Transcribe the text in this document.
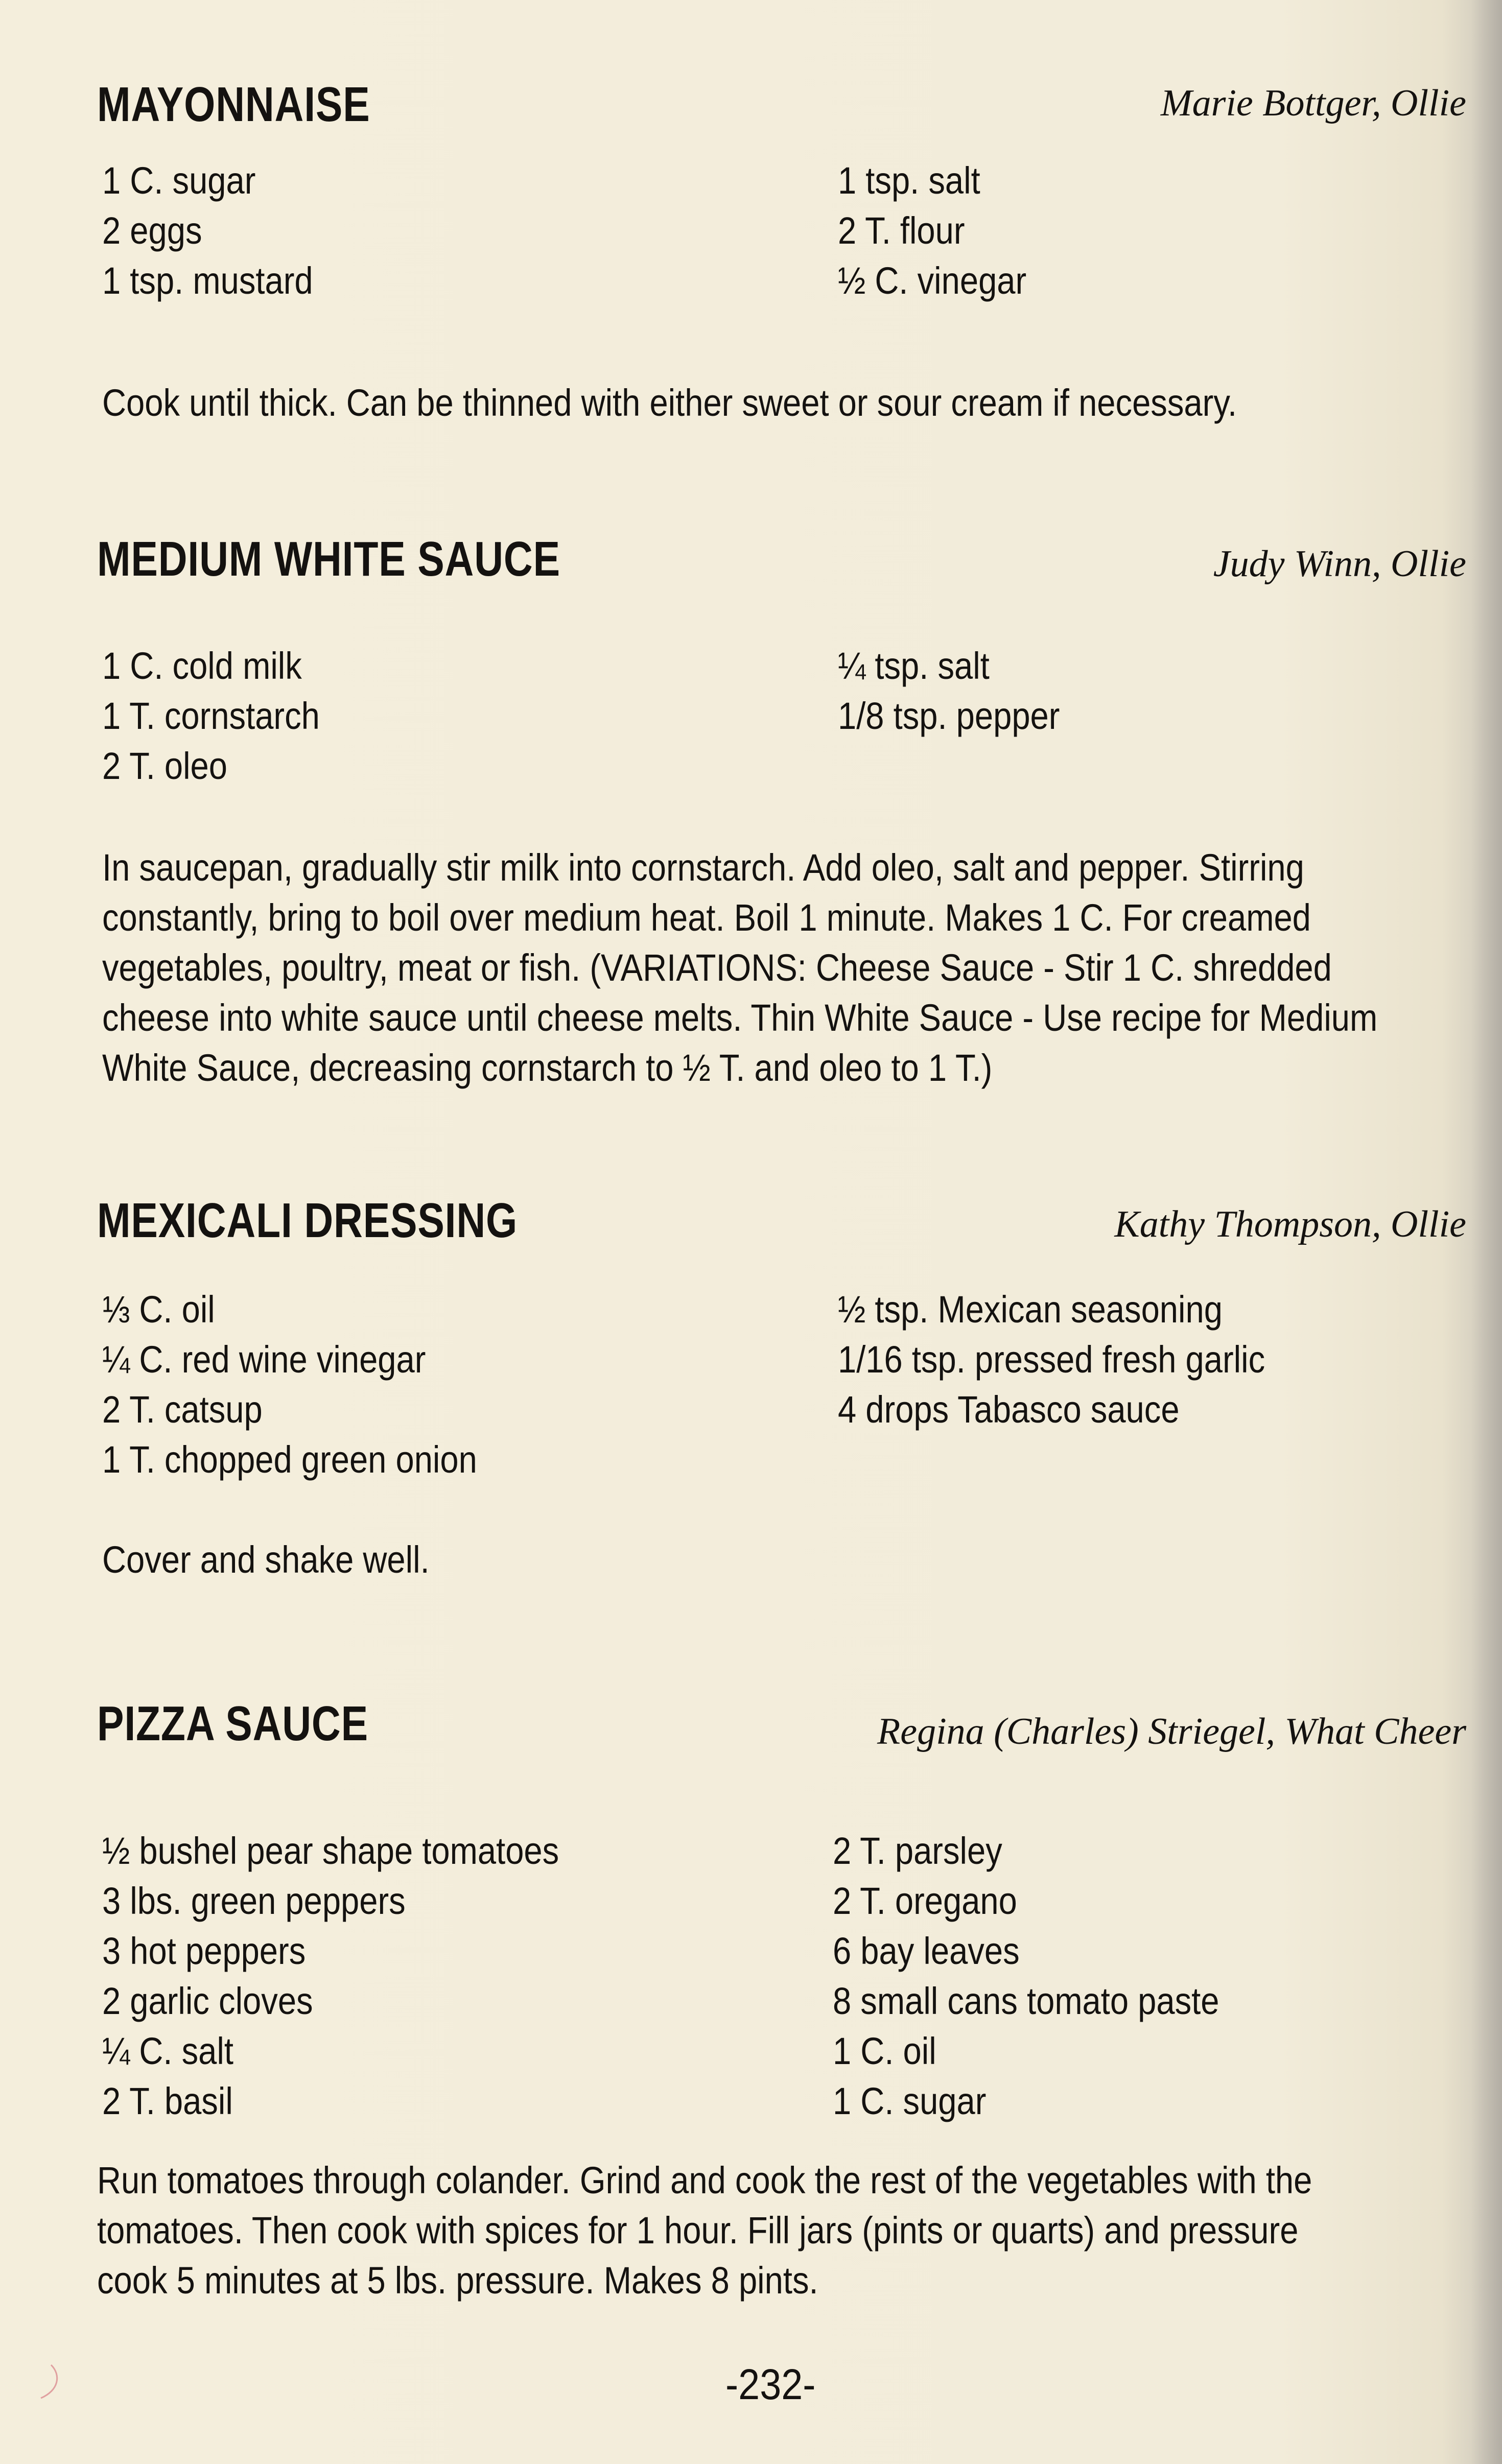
MAYONNAISE	Marie Bottger, Ollie
1 C. sugar
2 eggs
1 tsp. mustard
1 tsp. salt
2 T. flour
½ C. vinegar
Cook until thick. Can be thinned with either sweet or sour cream if necessary.
MEDIUM WHITE SAUCE	Judy Winn, Ollie
1 C. cold milk
1 T. cornstarch
2 T. oleo
¼ tsp. salt
1/8 tsp. pepper
In saucepan, gradually stir milk into cornstarch. Add oleo, salt and pepper. Stirring
constantly, bring to boil over medium heat. Boil 1 minute. Makes 1 C. For creamed
vegetables, poultry, meat or fish. (VARIATIONS: Cheese Sauce - Stir 1 C. shredded
cheese into white sauce until cheese melts. Thin White Sauce - Use recipe for Medium
White Sauce, decreasing cornstarch to ½ T. and oleo to 1 T.)
MEXICALI DRESSING	Kathy Thompson, Ollie
⅓ C. oil
¼ C. red wine vinegar
2 T. catsup
1 T. chopped green onion
½ tsp. Mexican seasoning
1/16 tsp. pressed fresh garlic
4 drops Tabasco sauce
Cover and shake well.
PIZZA SAUCE	Regina (Charles) Striegel, What Cheer
½ bushel pear shape tomatoes
3 lbs. green peppers
3 hot peppers
2 garlic cloves
¼ C. salt
2 T. basil
2 T. parsley
2 T. oregano
6 bay leaves
8 small cans tomato paste
1 C. oil
1 C. sugar
Run tomatoes through colander. Grind and cook the rest of the vegetables with the
tomatoes. Then cook with spices for 1 hour. Fill jars (pints or quarts) and pressure
cook 5 minutes at 5 lbs. pressure. Makes 8 pints.
-232-
